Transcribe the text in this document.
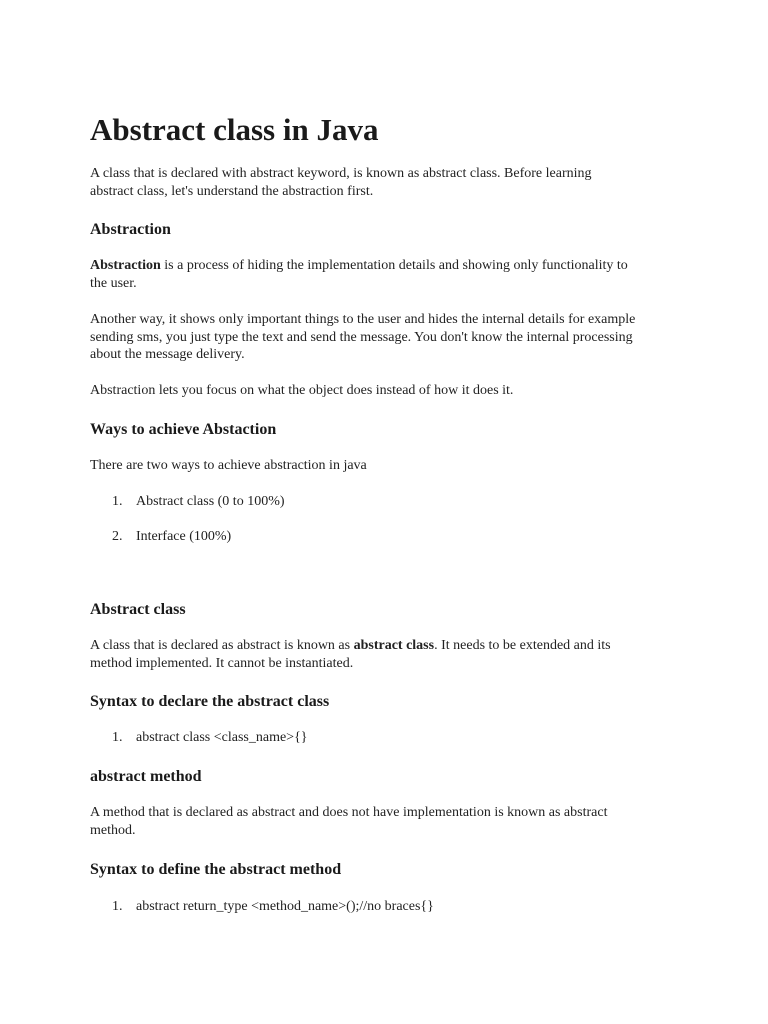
Abstract class in Java

A class that is declared with abstract keyword, is known as abstract class. Before learning

abstract class, let's understand the abstraction first.

Abstraction

Abstraction is a process of hiding the implementation details and showing only functionality to

the user.

Another way, it shows only important things to the user and hides the internal details for example

sending sms, you just type the text and send the message. You don't know the internal processing

about the message delivery.

Abstraction lets you focus on what the object does instead of how it does it.

Ways to achieve Abstaction

There are two ways to achieve abstraction in java

1. Abstract class (0 to 100%)
2. Interface (100%)
Abstract class

A class that is declared as abstract is known as abstract class. It needs to be extended and its

method implemented. It cannot be instantiated.

Syntax to declare the abstract class
1. abstract class <class_name>{}
abstract method

A method that is declared as abstract and does not have implementation is known as abstract

method.

Syntax to define the abstract method
1. abstract return_type <method_name>();//no braces{}
